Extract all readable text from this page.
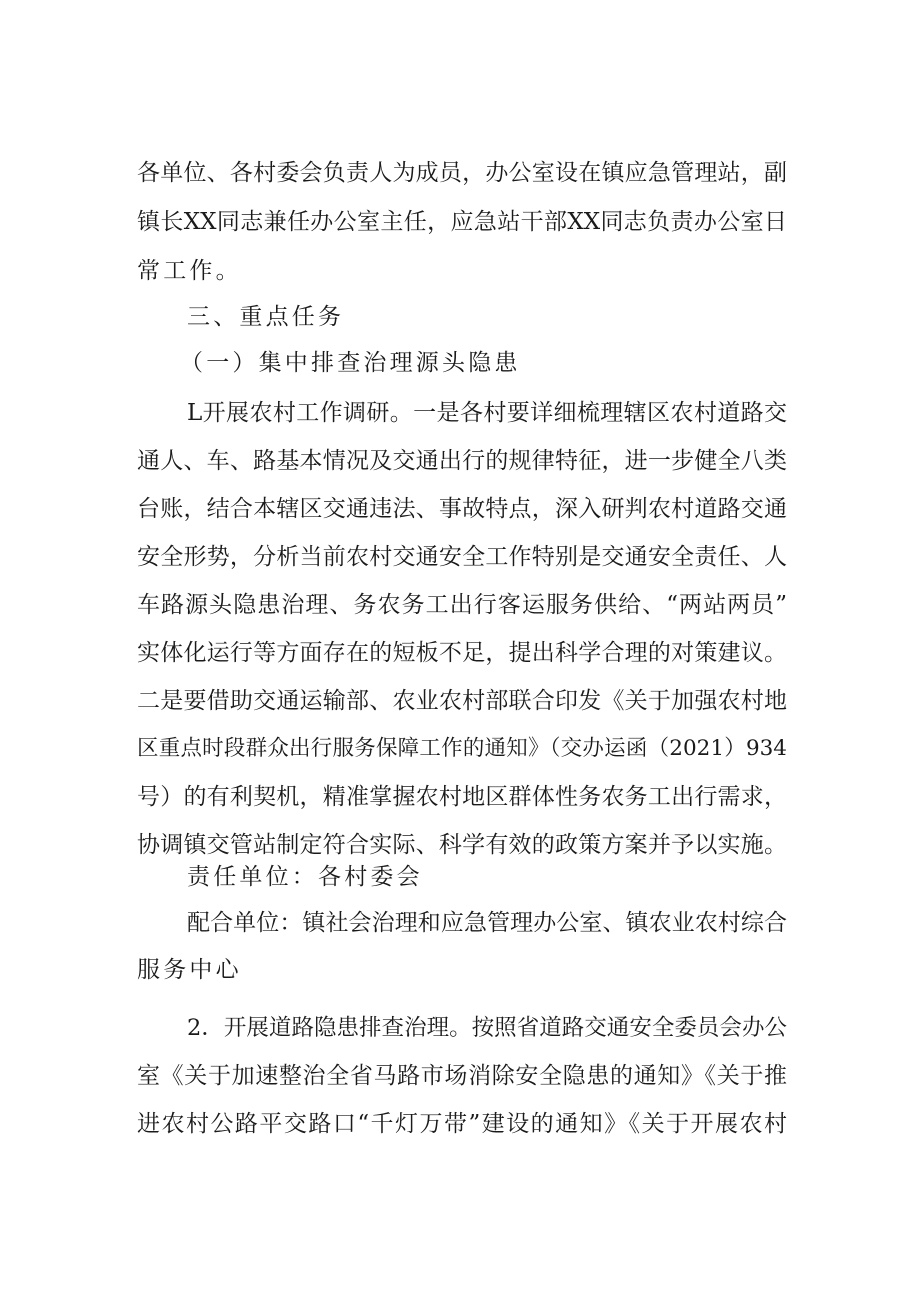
各单位、各村委会负责人为成员，办公室设在镇应急管理站，副
镇长XX同志兼任办公室主任，应急站干部XX同志负责办公室日
常工作。
三、重点任务
（一）集中排查治理源头隐患
L开展农村工作调研。一是各村要详细梳理辖区农村道路交
通人、车、路基本情况及交通出行的规律特征，进一步健全八类
台账，结合本辖区交通违法、事故特点，深入研判农村道路交通
安全形势，分析当前农村交通安全工作特别是交通安全责任、人
车路源头隐患治理、务农务工出行客运服务供给、“两站两员”
实体化运行等方面存在的短板不足，提出科学合理的对策建议。
二是要借助交通运输部、农业农村部联合印发《关于加强农村地
区重点时段群众出行服务保障工作的通知》（交办运函（2021）934
号）的有利契机，精准掌握农村地区群体性务农务工出行需求，
协调镇交管站制定符合实际、科学有效的政策方案并予以实施。
责任单位：各村委会
配合单位：镇社会治理和应急管理办公室、镇农业农村综合
服务中心
2．开展道路隐患排查治理。按照省道路交通安全委员会办公
室《关于加速整治全省马路市场消除安全隐患的通知》《关于推
进农村公路平交路口“千灯万带”建设的通知》《关于开展农村
